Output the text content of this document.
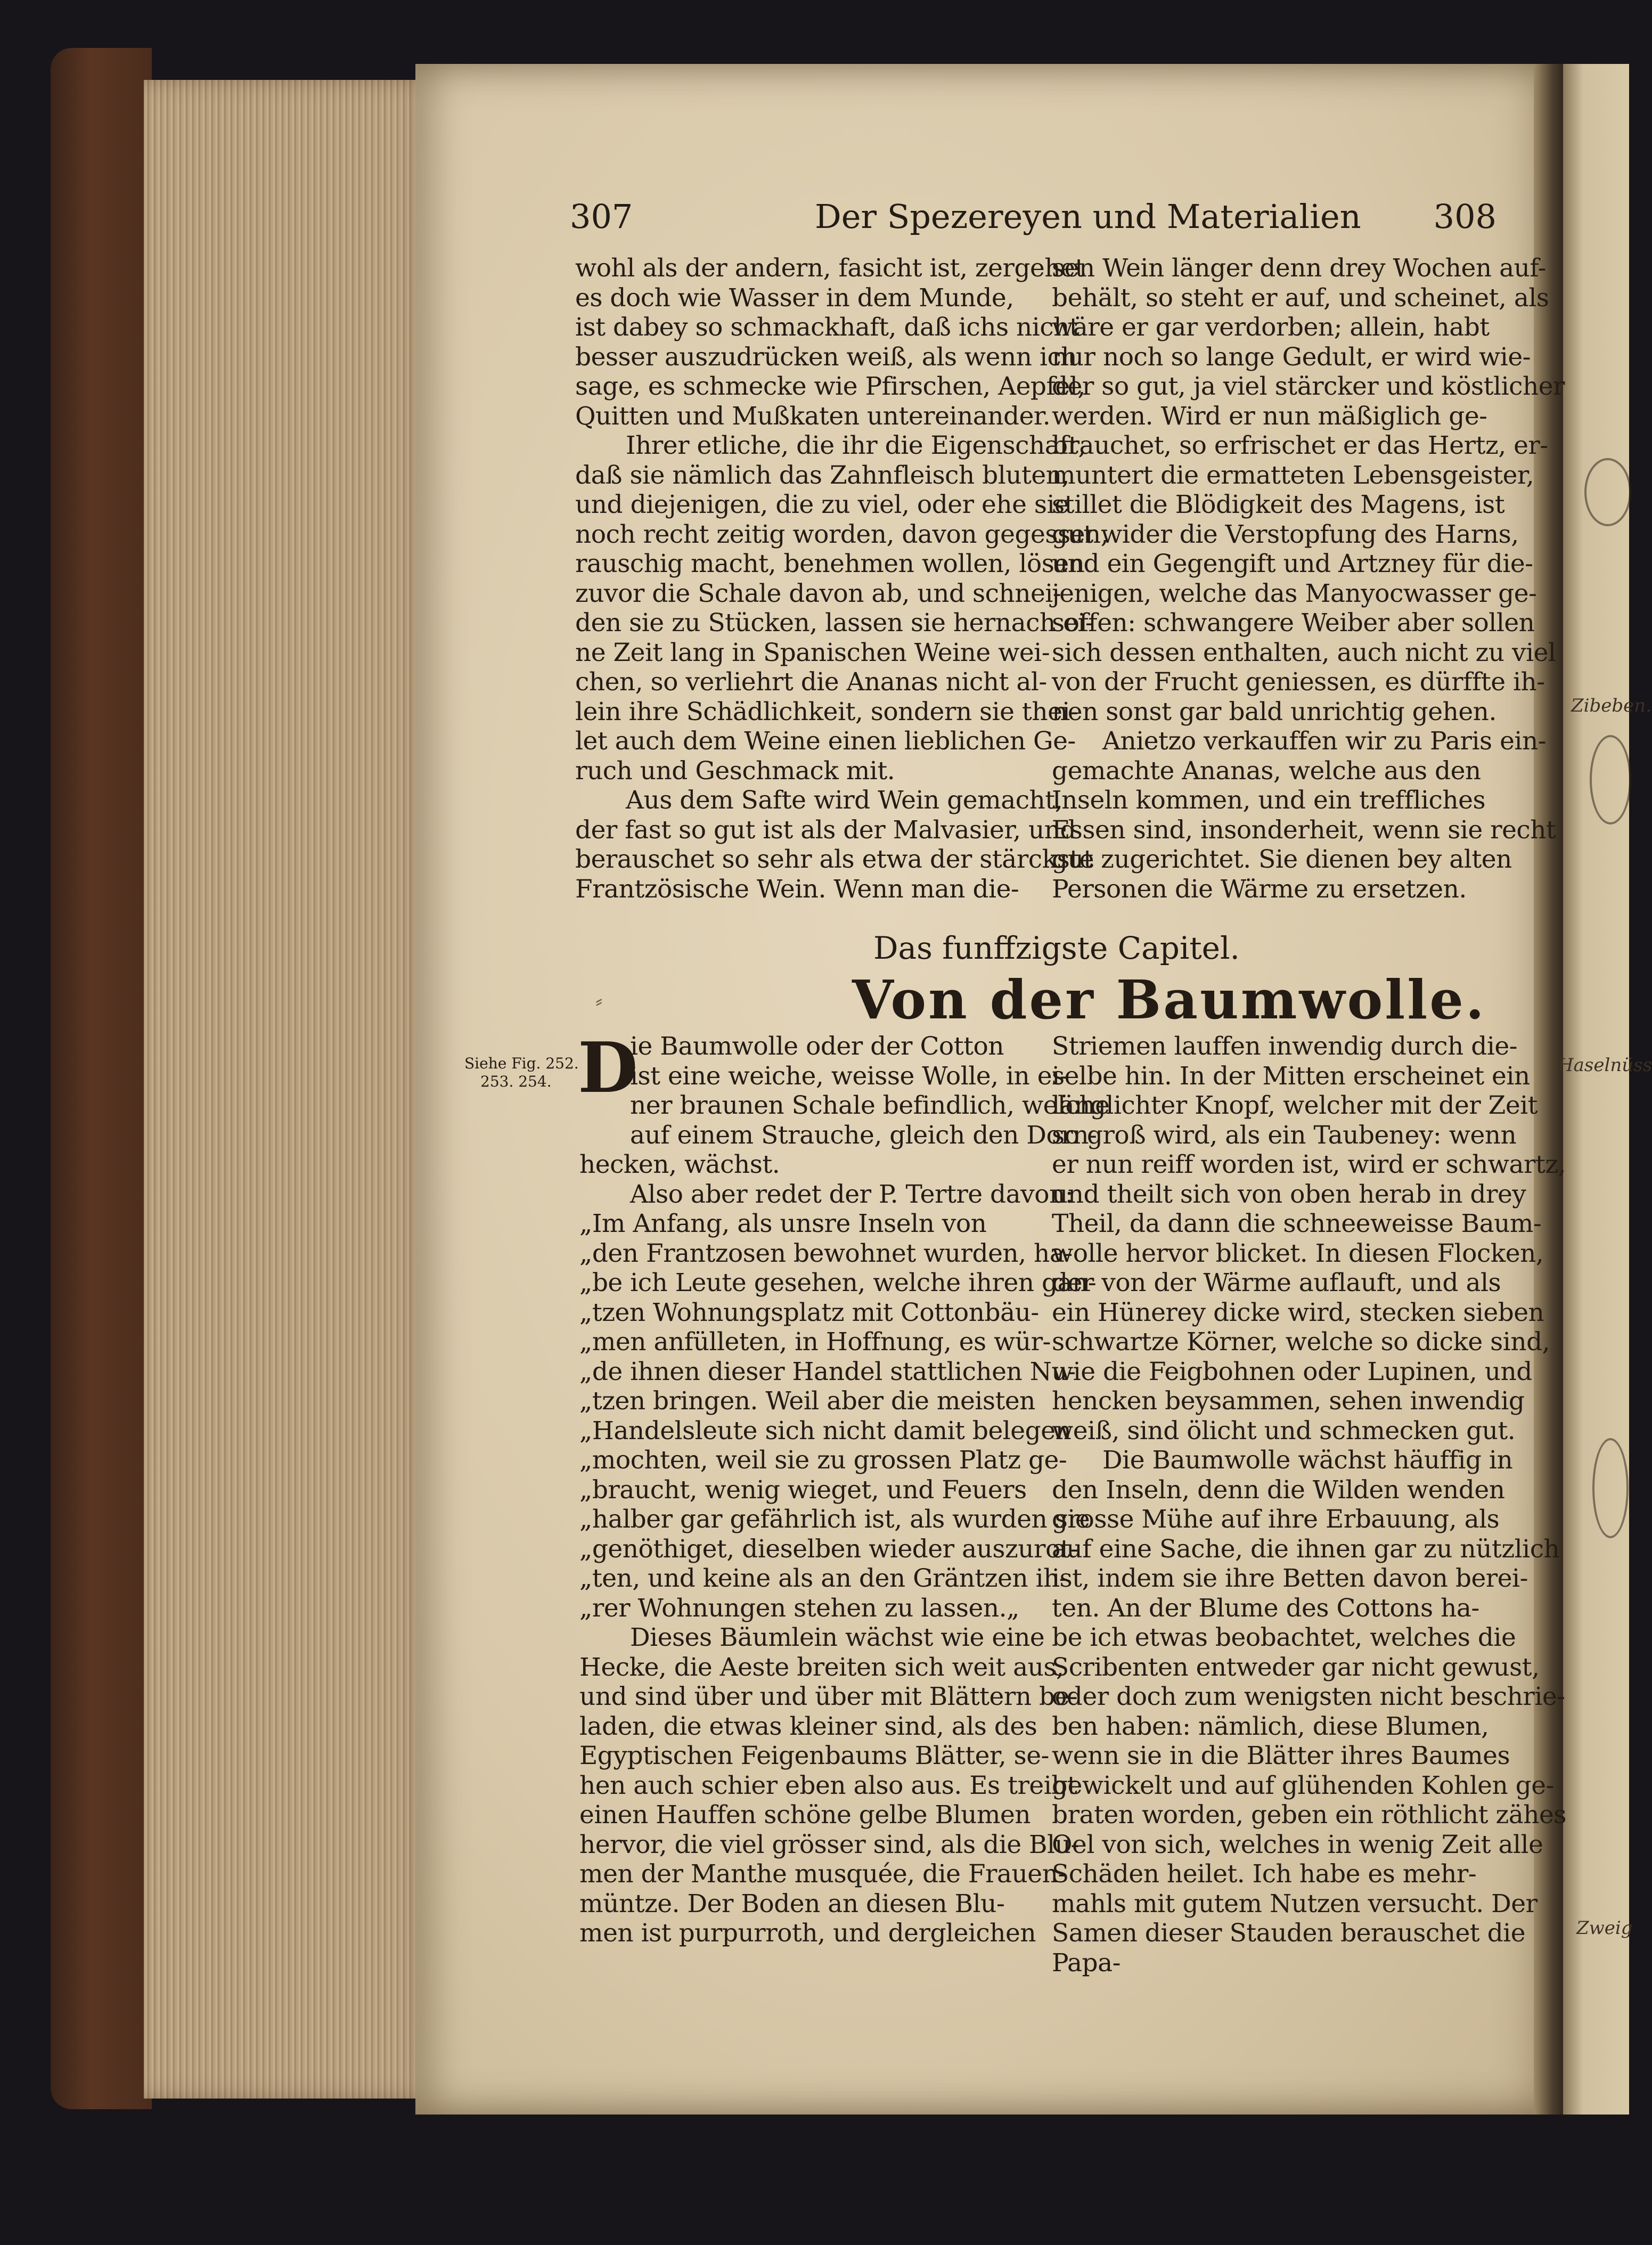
Zibeben.
Haselnüss
Zweig
307	Der Spezereyen und Materialien 308
wohl als der andern, fasicht ist, zergehet
es doch wie Wasser in dem Munde,
ist dabey so schmackhaft, daß ichs nicht
besser auszudrücken weiß, als wenn ich
sage, es schmecke wie Pfirschen, Aepfel,
Quitten und Mußkaten untereinander.
Ihrer etliche, die ihr die Eigenschaft,
daß sie nämlich das Zahnfleisch bluten,
und diejenigen, die zu viel, oder ehe sie
noch recht zeitig worden, davon gegessen,
rauschig macht, benehmen wollen, lösen
zuvor die Schale davon ab, und schnei-
den sie zu Stücken, lassen sie hernach ei-
ne Zeit lang in Spanischen Weine wei-
chen, so verliehrt die Ananas nicht al-
lein ihre Schädlichkeit, sondern sie thei-
let auch dem Weine einen lieblichen Ge-
ruch und Geschmack mit.
Aus dem Safte wird Wein gemacht,
der fast so gut ist als der Malvasier, und
berauschet so sehr als etwa der stärckste
Frantzösische Wein. Wenn man die-
sen Wein länger denn drey Wochen auf-
behält, so steht er auf, und scheinet, als
wäre er gar verdorben; allein, habt
nur noch so lange Gedult, er wird wie-
der so gut, ja viel stärcker und köstlicher
werden. Wird er nun mäßiglich ge-
brauchet, so erfrischet er das Hertz, er-
muntert die ermatteten Lebensgeister,
stillet die Blödigkeit des Magens, ist
gut wider die Verstopfung des Harns,
und ein Gegengift und Artzney für die-
jenigen, welche das Manyocwasser ge-
soffen: schwangere Weiber aber sollen
sich dessen enthalten, auch nicht zu viel
von der Frucht geniessen, es dürffte ih-
nen sonst gar bald unrichtig gehen.
Anietzo verkauffen wir zu Paris ein-
gemachte Ananas, welche aus den
Inseln kommen, und ein treffliches
Essen sind, insonderheit, wenn sie recht
gut zugerichtet. Sie dienen bey alten
Personen die Wärme zu ersetzen.
Das funffzigste Capitel.
⸗	Von der Baumwolle.
Siehe Fig. 252.
253. 254. D
ie Baumwolle oder der Cotton
ist eine weiche, weisse Wolle, in ei-
ner braunen Schale befindlich, welche
auf einem Strauche, gleich den Dorn-
hecken, wächst.
Also aber redet der P. Tertre davon:
„Im Anfang, als unsre Inseln von
„den Frantzosen bewohnet wurden, ha-
„be ich Leute gesehen, welche ihren gan-
„tzen Wohnungsplatz mit Cottonbäu-
„men anfülleten, in Hoffnung, es wür-
„de ihnen dieser Handel stattlichen Nu-
„tzen bringen. Weil aber die meisten
„Handelsleute sich nicht damit belegen
„mochten, weil sie zu grossen Platz ge-
„braucht, wenig wieget, und Feuers
„halber gar gefährlich ist, als wurden sie
„genöthiget, dieselben wieder auszurot-
„ten, und keine als an den Gräntzen ih-
„rer Wohnungen stehen zu lassen.„
Dieses Bäumlein wächst wie eine
Hecke, die Aeste breiten sich weit aus,
und sind über und über mit Blättern be-
laden, die etwas kleiner sind, als des
Egyptischen Feigenbaums Blätter, se-
hen auch schier eben also aus. Es treibt
einen Hauffen schöne gelbe Blumen
hervor, die viel grösser sind, als die Blu-
men der Manthe musquée, die Frauen-
müntze. Der Boden an diesen Blu-
men ist purpurroth, und dergleichen
Striemen lauffen inwendig durch die-
selbe hin. In der Mitten erscheinet ein
länglichter Knopf, welcher mit der Zeit
so groß wird, als ein Taubeney: wenn
er nun reiff worden ist, wird er schwartz,
und theilt sich von oben herab in drey
Theil, da dann die schneeweisse Baum-
wolle hervor blicket. In diesen Flocken,
der von der Wärme auflauft, und als
ein Hünerey dicke wird, stecken sieben
schwartze Körner, welche so dicke sind,
wie die Feigbohnen oder Lupinen, und
hencken beysammen, sehen inwendig
weiß, sind ölicht und schmecken gut.
Die Baumwolle wächst häuffig in
den Inseln, denn die Wilden wenden
grosse Mühe auf ihre Erbauung, als
auf eine Sache, die ihnen gar zu nützlich
ist, indem sie ihre Betten davon berei-
ten. An der Blume des Cottons ha-
be ich etwas beobachtet, welches die
Scribenten entweder gar nicht gewust,
oder doch zum wenigsten nicht beschrie-
ben haben: nämlich, diese Blumen,
wenn sie in die Blätter ihres Baumes
gewickelt und auf glühenden Kohlen ge-
braten worden, geben ein röthlicht zähes
Oel von sich, welches in wenig Zeit alle
Schäden heilet. Ich habe es mehr-
mahls mit gutem Nutzen versucht. Der
Samen dieser Stauden berauschet die
Papa-
